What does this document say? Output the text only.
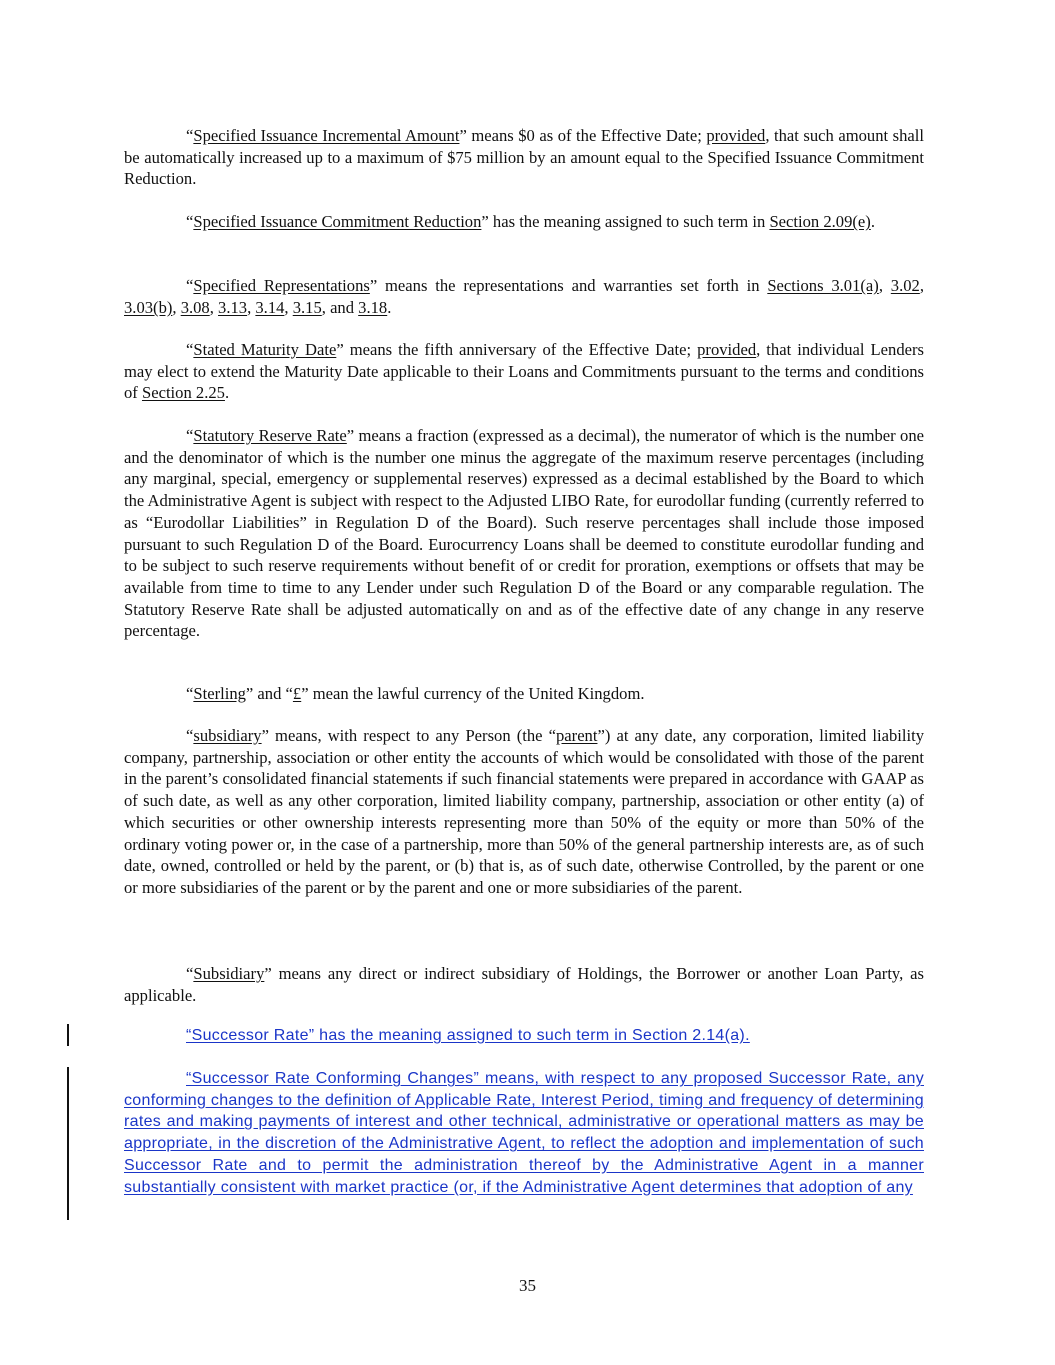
“Specified Issuance Incremental Amount” means $0 as of the Effective Date; provided, that such amount shall be automatically increased up to a maximum of $75 million by an amount equal to the Specified Issuance Commitment Reduction.

“Specified Issuance Commitment Reduction” has the meaning assigned to such term in Section 2.09(e).

“Specified Representations” means the representations and warranties set forth in Sections 3.01(a), 3.02, 3.03(b), 3.08, 3.13, 3.14, 3.15, and 3.18.

“Stated Maturity Date” means the fifth anniversary of the Effective Date; provided, that individual Lenders may elect to extend the Maturity Date applicable to their Loans and Commitments pursuant to the terms and conditions of Section 2.25.

“Statutory Reserve Rate” means a fraction (expressed as a decimal), the numerator of which is the number one and the denominator of which is the number one minus the aggregate of the maximum reserve percentages (including any marginal, special, emergency or supplemental reserves) expressed as a decimal established by the Board to which the Administrative Agent is subject with respect to the Adjusted LIBO Rate, for eurodollar funding (currently referred to as “Eurodollar Liabilities” in Regulation D of the Board). Such reserve percentages shall include those imposed pursuant to such Regulation D of the Board. Eurocurrency Loans shall be deemed to constitute eurodollar funding and to be subject to such reserve requirements without benefit of or credit for proration, exemptions or offsets that may be available from time to time to any Lender under such Regulation D of the Board or any comparable regulation. The Statutory Reserve Rate shall be adjusted automatically on and as of the effective date of any change in any reserve percentage.

“Sterling” and “£” mean the lawful currency of the United Kingdom.

“subsidiary” means, with respect to any Person (the “parent”) at any date, any corporation, limited liability company, partnership, association or other entity the accounts of which would be consolidated with those of the parent in the parent’s consolidated financial statements if such financial statements were prepared in accordance with GAAP as of such date, as well as any other corporation, limited liability company, partnership, association or other entity (a) of which securities or other ownership interests representing more than 50% of the equity or more than 50% of the ordinary voting power or, in the case of a partnership, more than 50% of the general partnership interests are, as of such date, owned, controlled or held by the parent, or (b) that is, as of such date, otherwise Controlled, by the parent or one or more subsidiaries of the parent or by the parent and one or more subsidiaries of the parent.

“Subsidiary” means any direct or indirect subsidiary of Holdings, the Borrower or another Loan Party, as applicable.

“Successor Rate” has the meaning assigned to such term in Section 2.14(a).

“Successor Rate Conforming Changes” means, with respect to any proposed Successor Rate, any conforming changes to the definition of Applicable Rate, Interest Period, timing and frequency of determining rates and making payments of interest and other technical, administrative or operational matters as may be appropriate, in the discretion of the Administrative Agent, to reflect the adoption and implementation of such Successor Rate and to permit the administration thereof by the Administrative Agent in a manner substantially consistent with market practice (or, if the Administrative Agent determines that adoption of any

35
